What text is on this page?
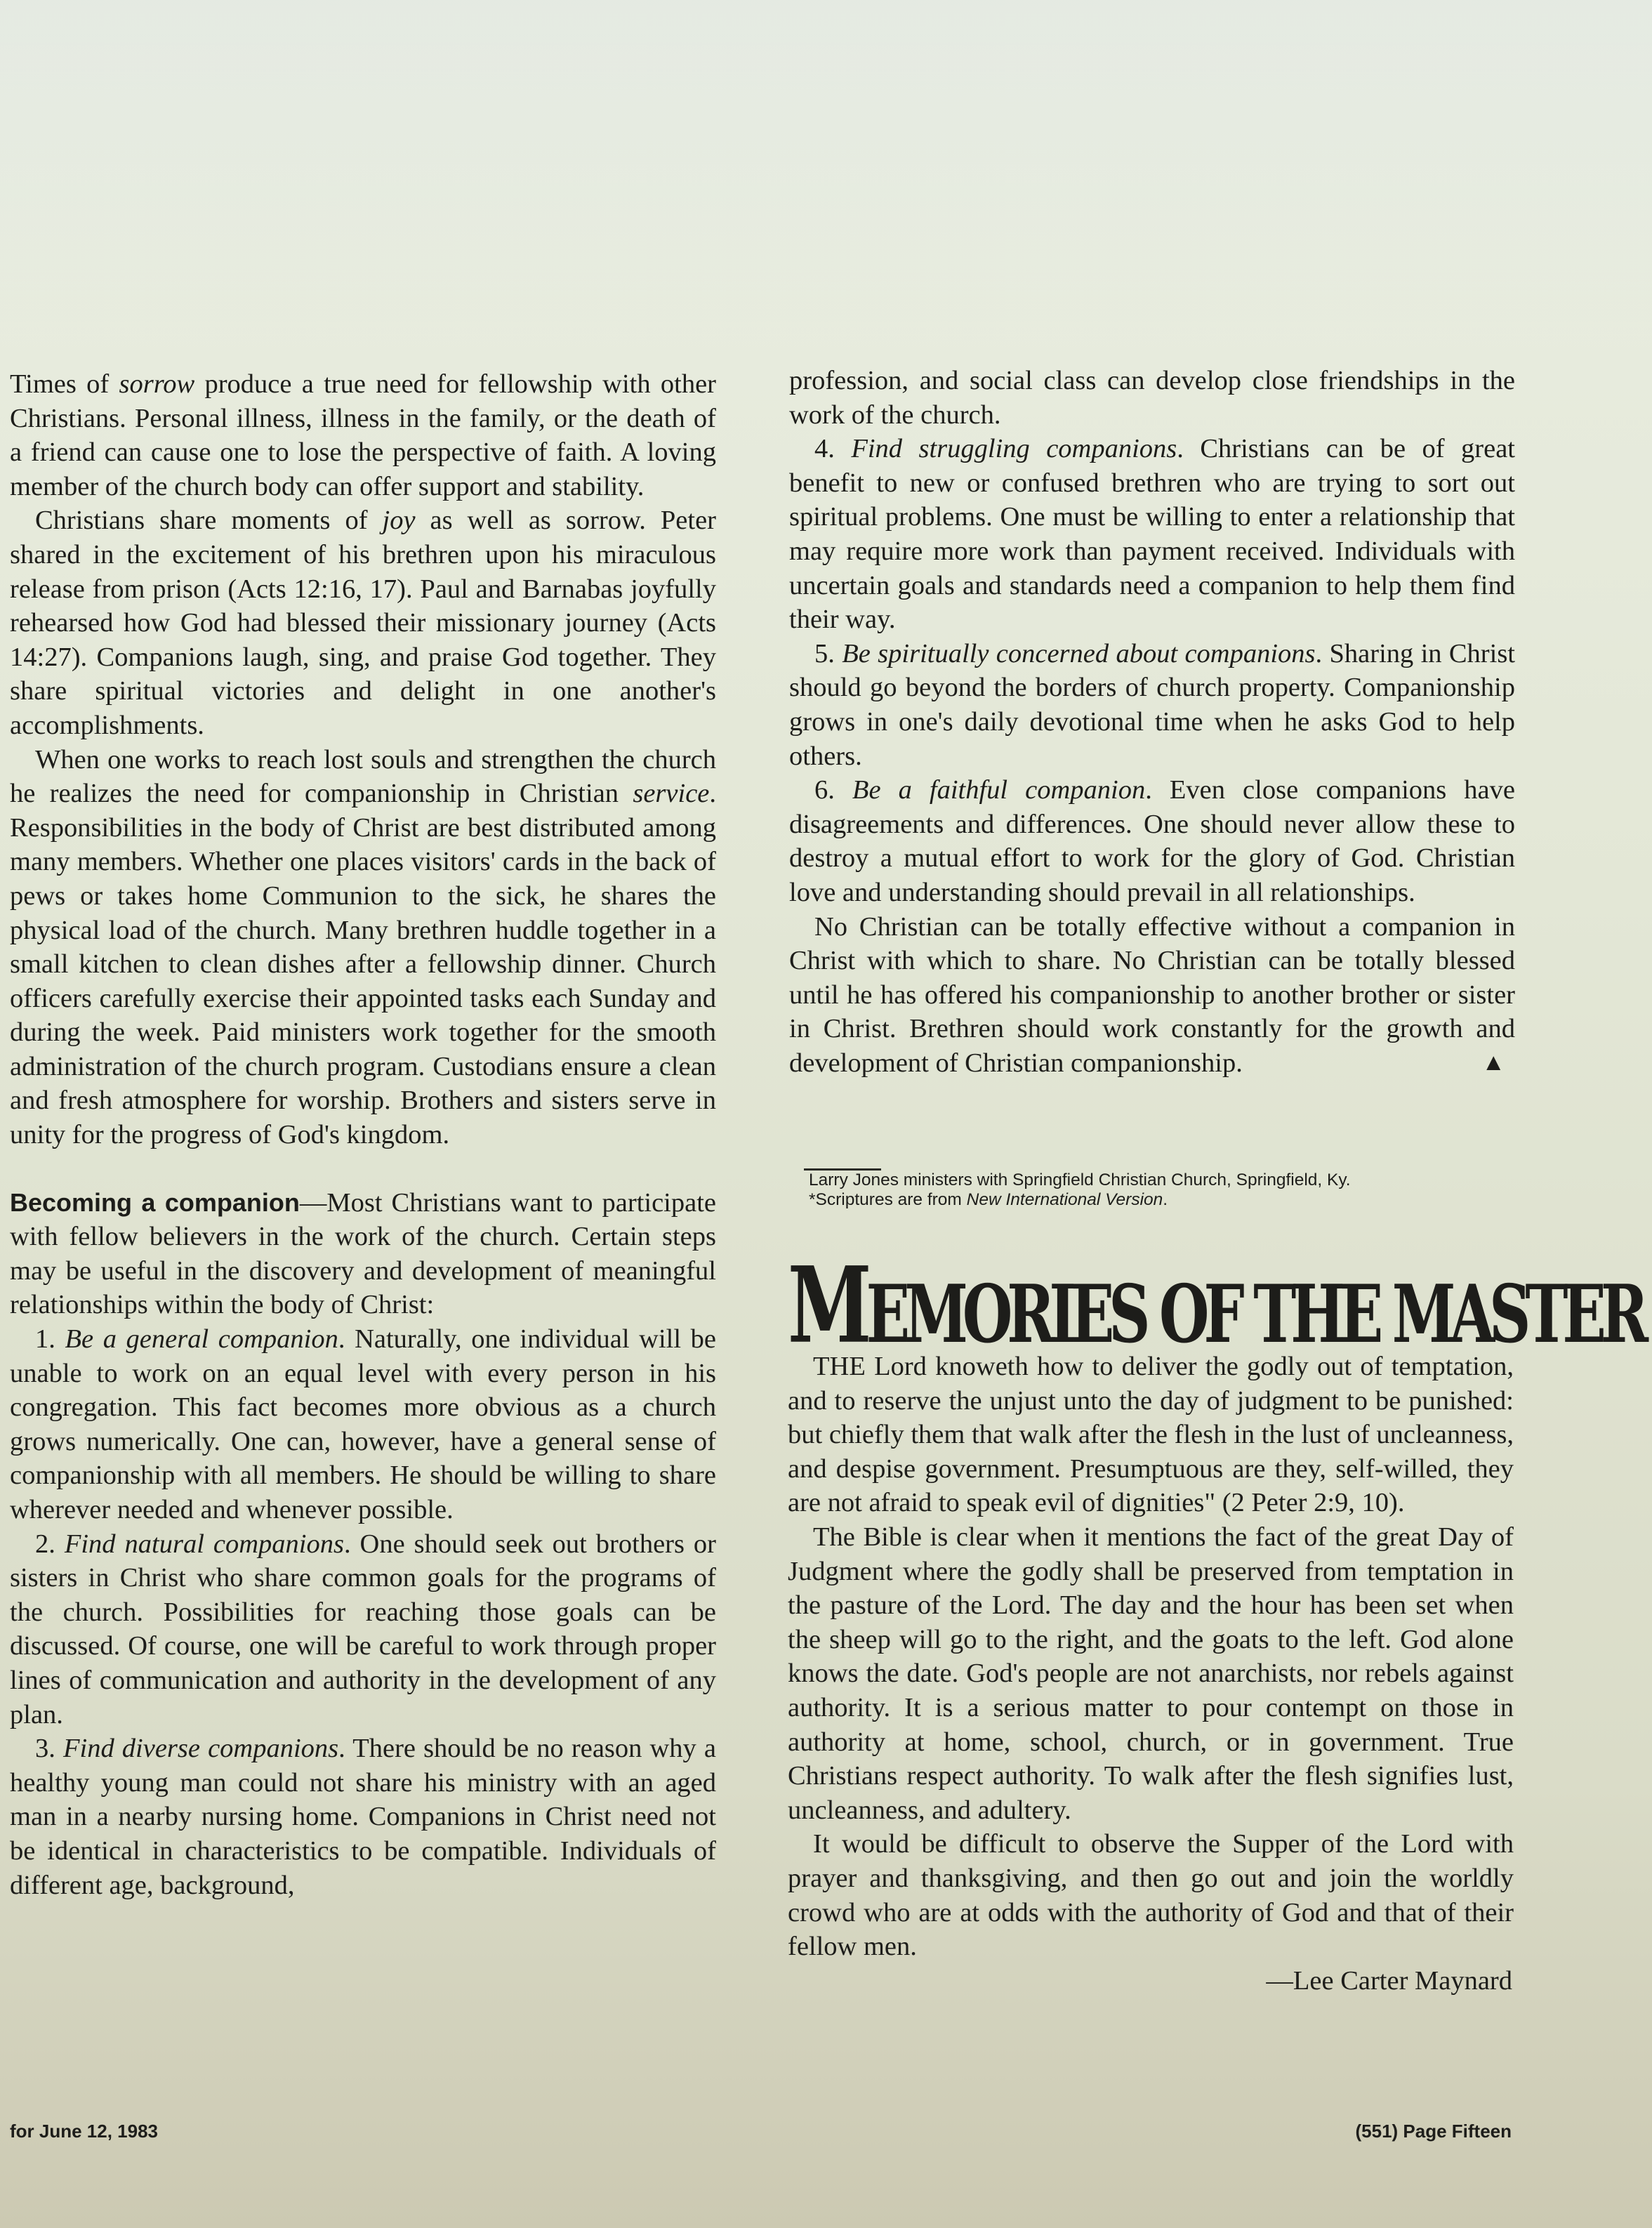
Times of sorrow produce a true need for fellowship with other Christians. Personal illness, illness in the family, or the death of a friend can cause one to lose the perspective of faith. A loving member of the church body can offer support and stability.

Christians share moments of joy as well as sorrow. Peter shared in the excitement of his brethren upon his miraculous release from prison (Acts 12:16, 17). Paul and Barnabas joyfully rehearsed how God had blessed their missionary journey (Acts 14:27). Companions laugh, sing, and praise God together. They share spiritual victories and delight in one another's accomplishments.

When one works to reach lost souls and strengthen the church he realizes the need for companionship in Christian service. Responsibilities in the body of Christ are best distributed among many members. Whether one places visitors' cards in the back of pews or takes home Communion to the sick, he shares the physical load of the church. Many brethren huddle together in a small kitchen to clean dishes after a fellowship dinner. Church officers carefully exercise their appointed tasks each Sunday and during the week. Paid ministers work together for the smooth administration of the church program. Custodians ensure a clean and fresh atmosphere for worship. Brothers and sisters serve in unity for the progress of God's kingdom.

Becoming a companion—Most Christians want to participate with fellow believers in the work of the church. Certain steps may be useful in the discovery and development of meaningful relationships within the body of Christ:

1. Be a general companion. Naturally, one individual will be unable to work on an equal level with every person in his congregation. This fact becomes more obvious as a church grows numerically. One can, however, have a general sense of companionship with all members. He should be willing to share wherever needed and whenever possible.

2. Find natural companions. One should seek out brothers or sisters in Christ who share common goals for the programs of the church. Possibilities for reaching those goals can be discussed. Of course, one will be careful to work through proper lines of communication and authority in the development of any plan.

3. Find diverse companions. There should be no reason why a healthy young man could not share his ministry with an aged man in a nearby nursing home. Companions in Christ need not be identical in characteristics to be compatible. Individuals of different age, background,

profession, and social class can develop close friendships in the work of the church.

4. Find struggling companions. Christians can be of great benefit to new or confused brethren who are trying to sort out spiritual problems. One must be willing to enter a relationship that may require more work than payment received. Individuals with uncertain goals and standards need a companion to help them find their way.

5. Be spiritually concerned about companions. Sharing in Christ should go beyond the borders of church property. Companionship grows in one's daily devotional time when he asks God to help others.

6. Be a faithful companion. Even close companions have disagreements and differences. One should never allow these to destroy a mutual effort to work for the glory of God. Christian love and understanding should prevail in all relationships.

No Christian can be totally effective without a companion in Christ with which to share. No Christian can be totally blessed until he has offered his companionship to another brother or sister in Christ. Brethren should work constantly for the growth and development of Christian companionship.	▲

Larry Jones ministers with Springfield Christian Church, Springfield, Ky.

*Scriptures are from New International Version.

MEMORIES OF THE MASTER

THE Lord knoweth how to deliver the godly out of temptation, and to reserve the unjust unto the day of judgment to be punished: but chiefly them that walk after the flesh in the lust of uncleanness, and despise government. Presumptuous are they, self-willed, they are not afraid to speak evil of dignities" (2 Peter 2:9, 10).

The Bible is clear when it mentions the fact of the great Day of Judgment where the godly shall be preserved from temptation in the pasture of the Lord. The day and the hour has been set when the sheep will go to the right, and the goats to the left. God alone knows the date. God's people are not anarchists, nor rebels against authority. It is a serious matter to pour contempt on those in authority at home, school, church, or in government. True Christians respect authority. To walk after the flesh signifies lust, uncleanness, and adultery.

It would be difficult to observe the Supper of the Lord with prayer and thanksgiving, and then go out and join the worldly crowd who are at odds with the authority of God and that of their fellow men.

—Lee Carter Maynard

for June 12, 1983	(551) Page Fifteen
